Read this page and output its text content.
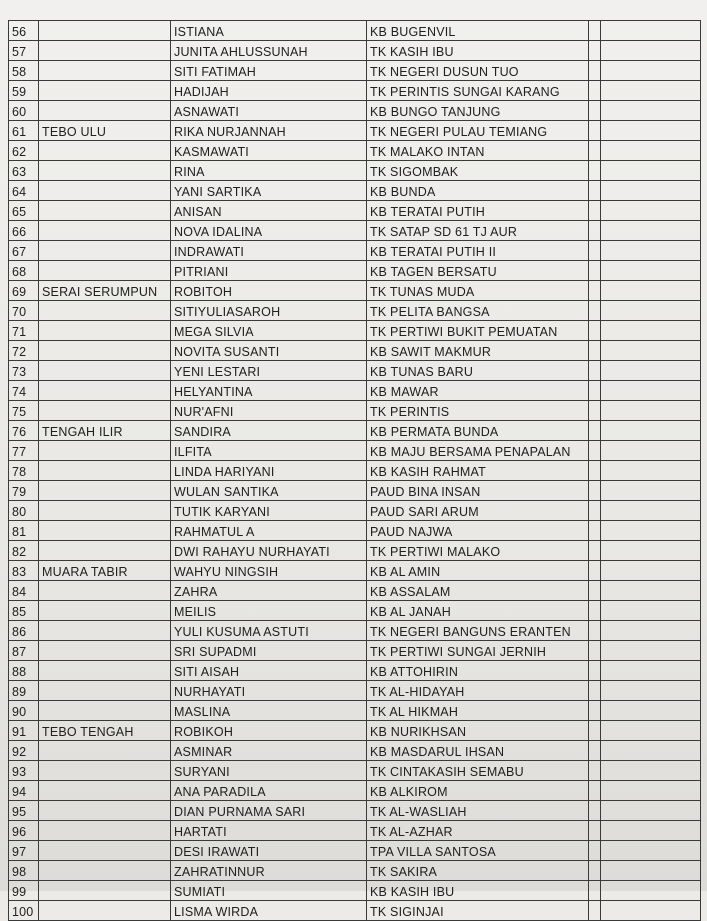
56		ISTIANA	KB BUGENVIL		
57		JUNITA AHLUSSUNAH	TK KASIH IBU		
58		SITI FATIMAH	TK NEGERI DUSUN TUO		
59		HADIJAH	TK PERINTIS SUNGAI KARANG		
60		ASNAWATI	KB BUNGO TANJUNG		
61	TEBO ULU	RIKA NURJANNAH	TK NEGERI PULAU TEMIANG		
62		KASMAWATI	TK MALAKO INTAN		
63		RINA	TK SIGOMBAK		
64		YANI SARTIKA	KB BUNDA		
65		ANISAN	KB TERATAI PUTIH		
66		NOVA IDALINA	TK SATAP SD 61 TJ AUR		
67		INDRAWATI	KB TERATAI PUTIH II		
68		PITRIANI	KB TAGEN BERSATU		
69	SERAI SERUMPUN	ROBITOH	TK TUNAS MUDA		
70		SITIYULIASAROH	TK PELITA BANGSA		
71		MEGA SILVIA	TK PERTIWI BUKIT PEMUATAN		
72		NOVITA SUSANTI	KB SAWIT MAKMUR		
73		YENI LESTARI	KB TUNAS BARU		
74		HELYANTINA	KB MAWAR		
75		NUR'AFNI	TK PERINTIS		
76	TENGAH ILIR	SANDIRA	KB PERMATA BUNDA		
77		ILFITA	KB MAJU BERSAMA PENAPALAN		
78		LINDA HARIYANI	KB KASIH RAHMAT		
79		WULAN SANTIKA	PAUD BINA INSAN		
80		TUTIK KARYANI	PAUD SARI ARUM		
81		RAHMATUL A	PAUD NAJWA		
82		DWI RAHAYU NURHAYATI	TK PERTIWI MALAKO		
83	MUARA TABIR	WAHYU NINGSIH	KB AL AMIN		
84		ZAHRA	KB ASSALAM		
85		MEILIS	KB AL JANAH		
86		YULI KUSUMA ASTUTI	TK NEGERI BANGUNS ERANTEN		
87		SRI SUPADMI	TK PERTIWI SUNGAI JERNIH		
88		SITI AISAH	KB ATTOHIRIN		
89		NURHAYATI	TK AL-HIDAYAH		
90		MASLINA	TK AL HIKMAH		
91	TEBO TENGAH	ROBIKOH	KB NURIKHSAN		
92		ASMINAR	KB MASDARUL IHSAN		
93		SURYANI	TK CINTAKASIH SEMABU		
94		ANA PARADILA	KB ALKIROM		
95		DIAN PURNAMA SARI	TK AL-WASLIAH		
96		HARTATI	TK AL-AZHAR		
97		DESI IRAWATI	TPA VILLA SANTOSA		
98		ZAHRATINNUR	TK SAKIRA		
99		SUMIATI	KB KASIH IBU		
100		LISMA WIRDA	TK SIGINJAI		
